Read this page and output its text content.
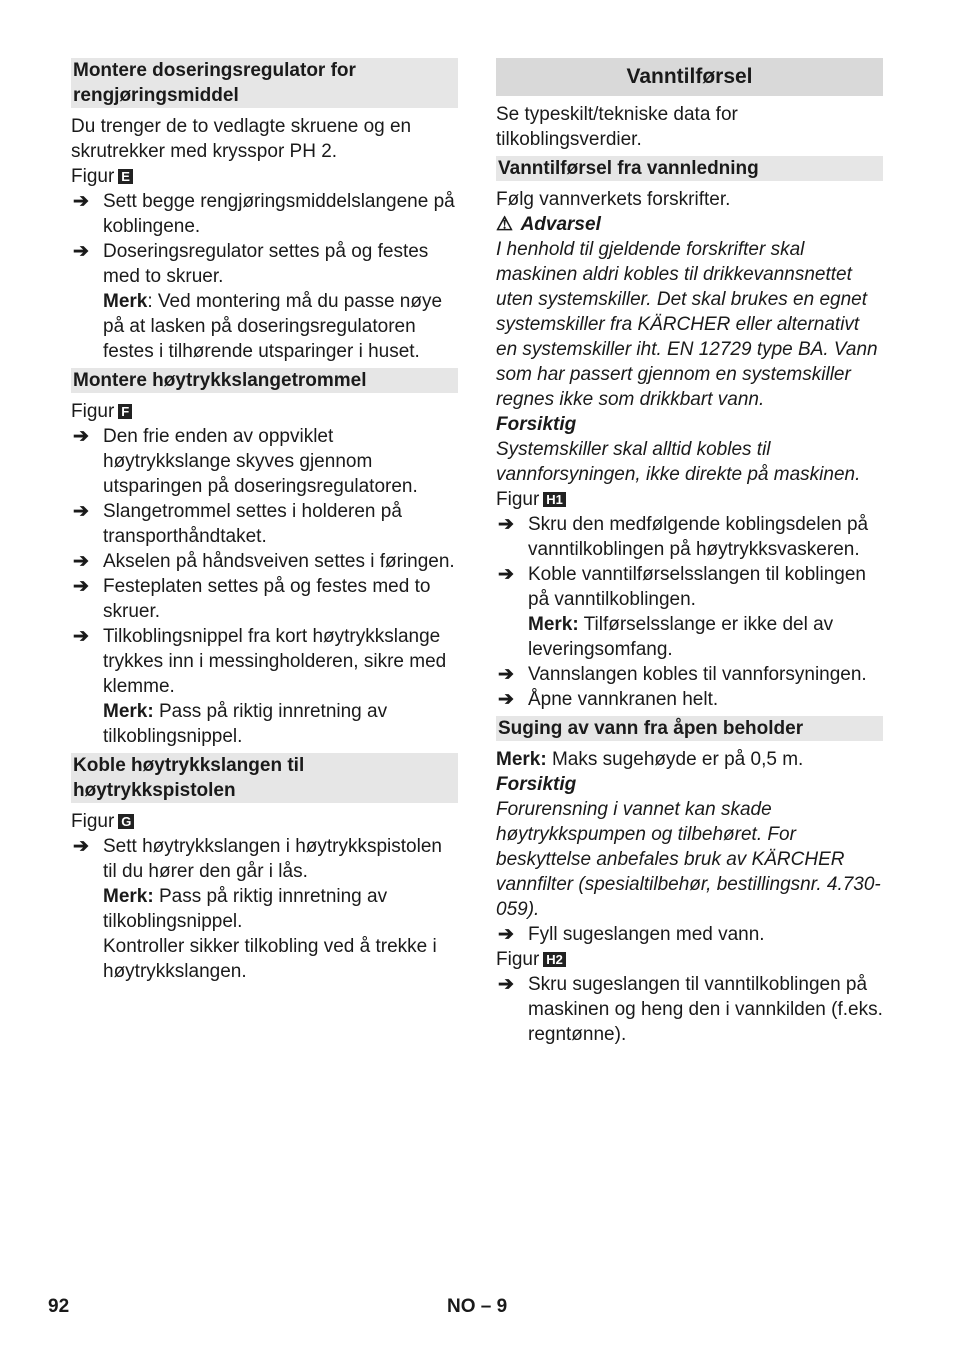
Montere doseringsregulator for rengjøringsmiddel

Du trenger de to vedlagte skruene og en skrutrekker med krysspor PH 2.

Figur E

➔ Sett begge rengjøringsmiddelslangene på koblingene.
➔ Doseringsregulator settes på og festes med to skruer.
Merk: Ved montering må du passe nøye på at lasken på doseringsregulatoren festes i tilhørende utsparinger i huset.
Montere høytrykkslangetrommel

Figur F

➔ Den frie enden av oppviklet høytrykkslange skyves gjennom utsparingen på doseringsregulatoren.
➔ Slangetrommel settes i holderen på transporthåndtaket.
➔ Akselen på håndsveiven settes i føringen.
➔ Festeplaten settes på og festes med to skruer.
➔ Tilkoblingsnippel fra kort høytrykkslange trykkes inn i messingholderen, sikre med klemme.
Merk: Pass på riktig innretning av tilkoblingsnippel.
Koble høytrykkslangen til høytrykkspistolen

Figur G

➔ Sett høytrykkslangen i høytrykkspistolen til du hører den går i lås.
Merk: Pass på riktig innretning av tilkoblingsnippel.
Kontroller sikker tilkobling ved å trekke i høytrykkslangen.
Vanntilførsel

Se typeskilt/tekniske data for tilkoblingsverdier.

Vanntilførsel fra vannledning

Følg vannverkets forskrifter.

⚠ Advarsel

I henhold til gjeldende forskrifter skal maskinen aldri kobles til drikkevannsnettet uten systemskiller. Det skal brukes en egnet systemskiller fra KÄRCHER eller alternativt en systemskiller iht. EN 12729 type BA. Vann som har passert gjennom en systemskiller regnes ikke som drikkbart vann.

Forsiktig

Systemskiller skal alltid kobles til vannforsyningen, ikke direkte på maskinen.

Figur H1

➔ Skru den medfølgende koblingsdelen på vanntilkoblingen på høytrykksvaskeren.
➔ Koble vanntilførselsslangen til koblingen på vanntilkoblingen.
Merk: Tilførselsslange er ikke del av leveringsomfang.
➔ Vannslangen kobles til vannforsyningen.
➔ Åpne vannkranen helt.
Suging av vann fra åpen beholder

Merk: Maks sugehøyde er på 0,5 m.

Forsiktig

Forurensning i vannet kan skade høytrykkspumpen og tilbehøret. For beskyttelse anbefales bruk av KÄRCHER vannfilter (spesialtilbehør, bestillingsnr. 4.730-059).

➔ Fyll sugeslangen med vann.

Figur H2

➔ Skru sugeslangen til vanntilkoblingen på maskinen og heng den i vannkilden (f.eks. regntønne).
92	NO – 9
